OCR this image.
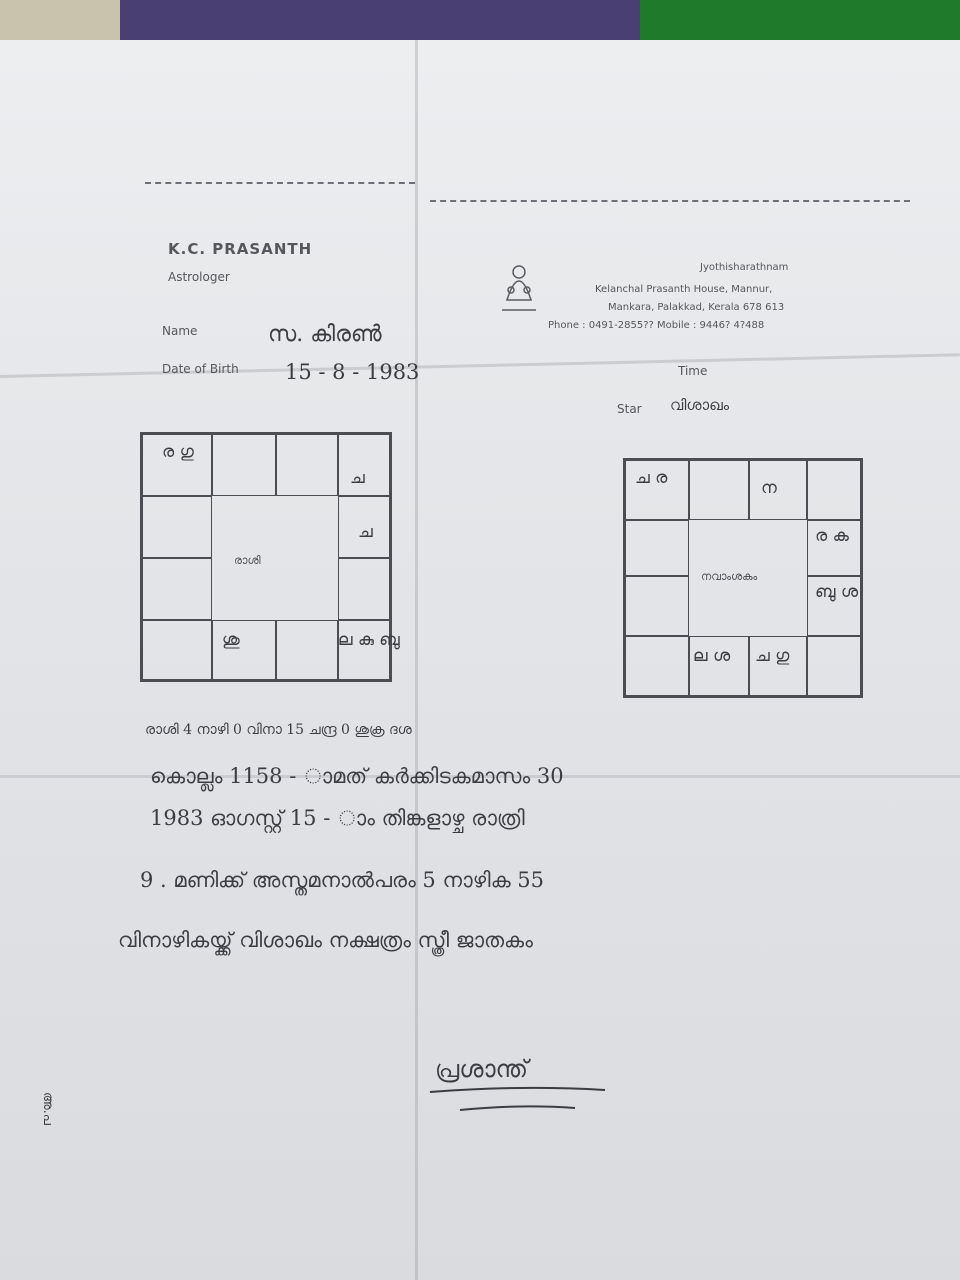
K.C. PRASANTH
Astrologer
Jyothisharathnam
Kelanchal Prasanth House, Mannur,
Mankara, Palakkad, Kerala 678 613
Phone : 0491-2855?? Mobile : 9446? 4?488
Name	സ. കിരൺ
Date of Birth 15 - 8 - 1983	Time
Star വിശാഖം
രാശി
ര ഗു
ച
ച
ശു	ല കു ബു
നവാംശകം
ച ര	ന
ര ക
ബു ശ
ല ശ ച ഗു
രാശി 4 നാഴി 0 വിനാ 15 ചന്ദ്ര 0 ശുക്ര ദശ
കൊല്ലം 1158 - ാമത് കർക്കിടകമാസം 30
1983 ഓഗസ്റ്റ് 15 - ാം തിങ്കളാഴ്ച രാത്രി
9 . മണിക്ക് അസ്തമനാൽപരം 5 നാഴിക 55
വിനാഴികയ്ക്ക് വിശാഖം നക്ഷത്രം സ്ത്രീ ജാതകം
പ്രശാന്ത്
അ.പ
